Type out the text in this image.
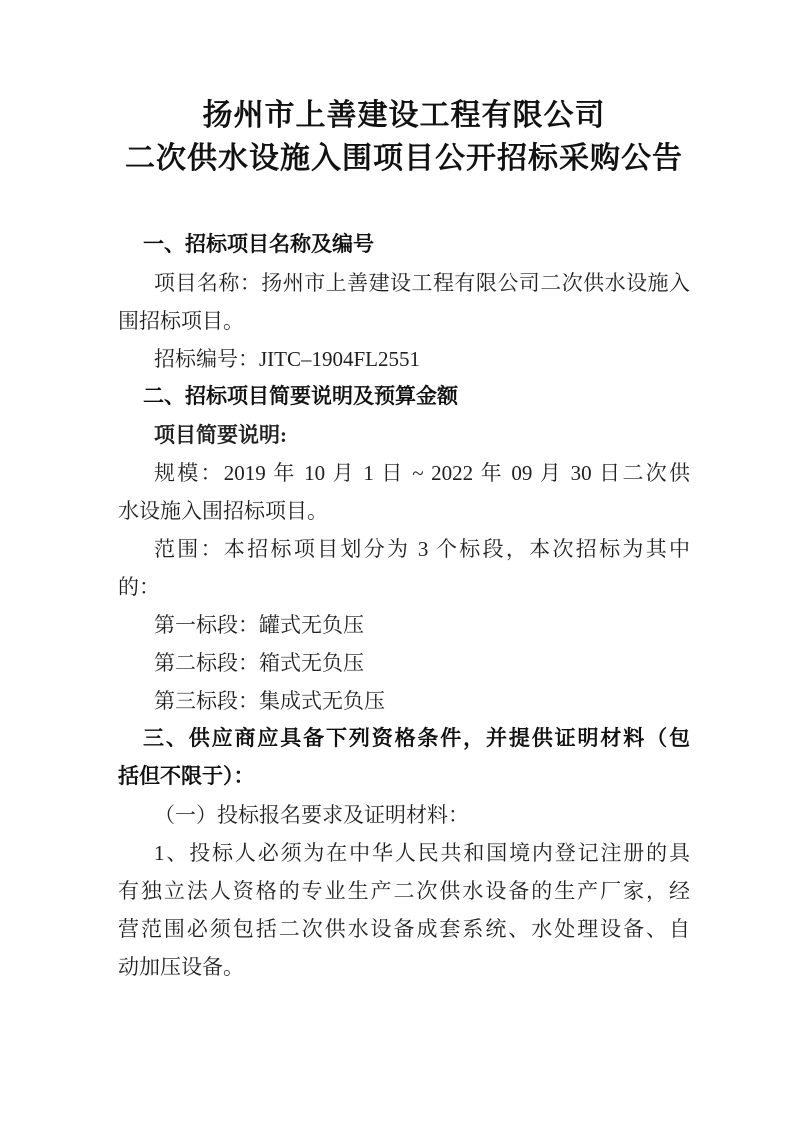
扬州市上善建设工程有限公司
二次供水设施入围项目公开招标采购公告
一、招标项目名称及编号
项目名称：扬州市上善建设工程有限公司二次供水设施入
围招标项目。
招标编号：JITC–1904FL2551
二、招标项目简要说明及预算金额
项目简要说明:
规模：2019 年 10 月 1 日 ~ 2022 年 09 月 30 日二次供
水设施入围招标项目。
范围：本招标项目划分为 3 个标段，本次招标为其中
的：
第一标段：罐式无负压
第二标段：箱式无负压
第三标段：集成式无负压
三、供应商应具备下列资格条件，并提供证明材料（包
括但不限于）：
（一）投标报名要求及证明材料：
1、投标人必须为在中华人民共和国境内登记注册的具
有独立法人资格的专业生产二次供水设备的生产厂家，经
营范围必须包括二次供水设备成套系统、水处理设备、自
动加压设备。
